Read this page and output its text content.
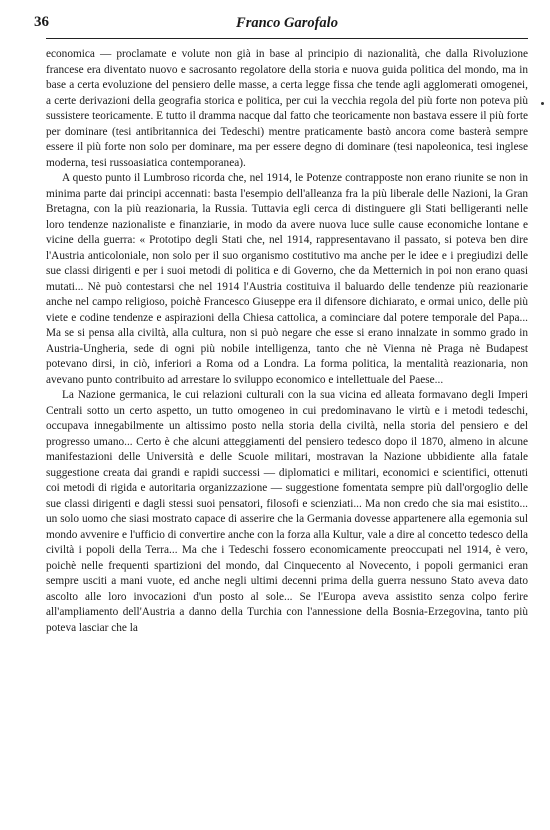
36	Franco Garofalo

economica — proclamate e volute non già in base al principio di nazionalità, che dalla Rivoluzione francese era diventato nuovo e sacrosanto regolatore della storia e nuova guida politica del mondo, ma in base a certa evoluzione del pensiero delle masse, a certa legge fissa che tende agli agglomerati omogenei, a certe derivazioni della geografia storica e politica, per cui la vecchia regola del più forte non poteva più sussistere teoricamente. E tutto il dramma nacque dal fatto che teoricamente non bastava essere il più forte per dominare (tesi antibritannica dei Tedeschi) mentre praticamente bastò ancora come basterà sempre essere il più forte non solo per dominare, ma per essere degno di dominare (tesi napoleonica, tesi inglese moderna, tesi russoasiatica contemporanea).

A questo punto il Lumbroso ricorda che, nel 1914, le Potenze contrapposte non erano riunite se non in minima parte dai principi accennati: basta l'esempio dell'alleanza fra la più liberale delle Nazioni, la Gran Bretagna, con la più reazionaria, la Russia. Tuttavia egli cerca di distinguere gli Stati belligeranti nelle loro tendenze nazionaliste e finanziarie, in modo da avere nuova luce sulle cause economiche lontane e vicine della guerra: « Prototipo degli Stati che, nel 1914, rappresentavano il passato, si poteva ben dire l'Austria anticoloniale, non solo per il suo organismo costitutivo ma anche per le idee e i pregiudizi delle sue classi dirigenti e per i suoi metodi di politica e di Governo, che da Metternich in poi non erano quasi mutati... Nè può contestarsi che nel 1914 l'Austria costituiva il baluardo delle tendenze più reazionarie anche nel campo religioso, poichè Francesco Giuseppe era il difensore dichiarato, e ormai unico, delle più viete e codine tendenze e aspirazioni della Chiesa cattolica, a cominciare dal potere temporale del Papa... Ma se si pensa alla civiltà, alla cultura, non si può negare che esse si erano innalzate in sommo grado in Austria-Ungheria, sede di ogni più nobile intelligenza, tanto che nè Vienna nè Praga nè Budapest potevano dirsi, in ciò, inferiori a Roma od a Londra. La forma politica, la mentalità reazionaria, non avevano punto contribuito ad arrestare lo sviluppo economico e intellettuale del Paese...

La Nazione germanica, le cui relazioni culturali con la sua vicina ed alleata formavano degli Imperi Centrali sotto un certo aspetto, un tutto omogeneo in cui predominavano le virtù e i metodi tedeschi, occupava innegabilmente un altissimo posto nella storia della civiltà, nella storia del pensiero e del progresso umano... Certo è che alcuni atteggiamenti del pensiero tedesco dopo il 1870, almeno in alcune manifestazioni delle Università e delle Scuole militari, mostravan la Nazione ubbidiente alla fatale suggestione creata dai grandi e rapidi successi — diplomatici e militari, economici e scientifici, ottenuti coi metodi di rigida e autoritaria organizzazione — suggestione fomentata sempre più dall'orgoglio delle sue classi dirigenti e dagli stessi suoi pensatori, filosofi e scienziati... Ma non credo che sia mai esistito... un solo uomo che siasi mostrato capace di asserire che la Germania dovesse appartenere alla egemonia sul mondo avvenire e l'ufficio di convertire anche con la forza alla Kultur, vale a dire al concetto tedesco della civiltà i popoli della Terra... Ma che i Tedeschi fossero economicamente preoccupati nel 1914, è vero, poichè nelle frequenti spartizioni del mondo, dal Cinquecento al Novecento, i popoli germanici eran sempre usciti a mani vuote, ed anche negli ultimi decenni prima della guerra nessuno Stato aveva dato ascolto alle loro invocazioni d'un posto al sole... Se l'Europa aveva assistito senza colpo ferire all'ampliamento dell'Austria a danno della Turchia con l'annessione della Bosnia-Erzegovina, tanto più poteva lasciar che la
